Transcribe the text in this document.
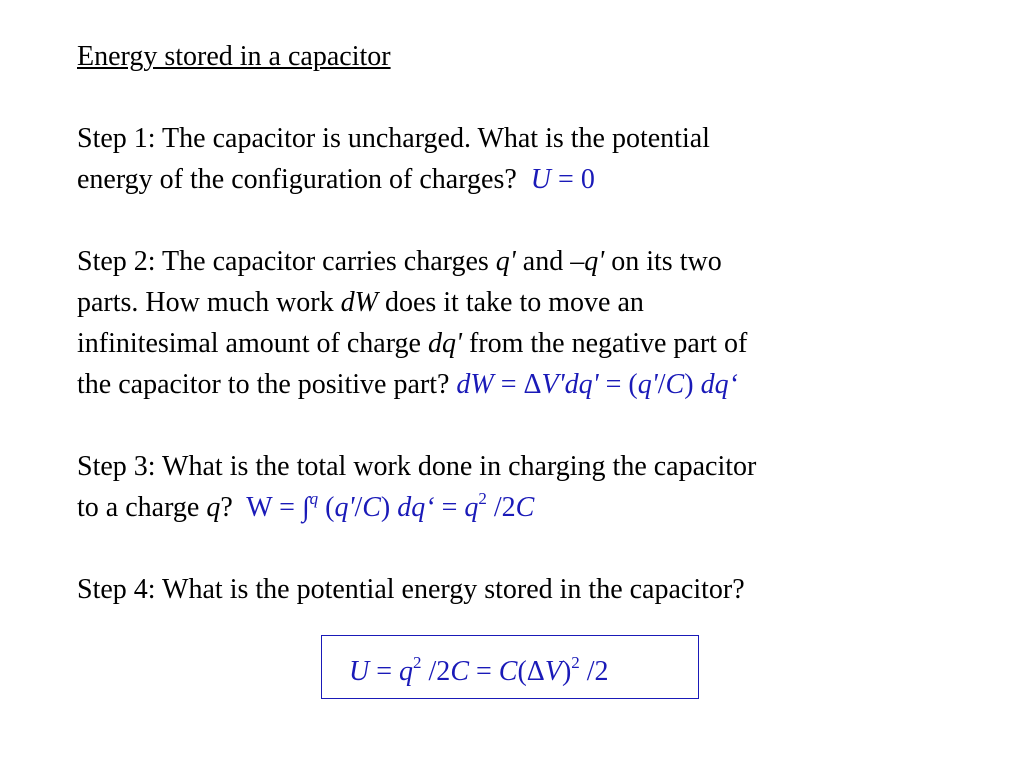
Energy stored in a capacitor
Step 1: The capacitor is uncharged. What is the potential
energy of the configuration of charges? U = 0
Step 2: The capacitor carries charges q' and –q' on its two
parts. How much work dW does it take to move an
infinitesimal amount of charge dq' from the negative part of
the capacitor to the positive part? dW = ΔV'dq' = (q'/C) dq‘
Step 3: What is the total work done in charging the capacitor
to a charge q?  W = ∫$^q$ (q'/C) dq‘ = $q^2$ /2C
Step 4: What is the potential energy stored in the capacitor?
$U = q^2$ $/2C = C(\Delta V)^2$ /2
